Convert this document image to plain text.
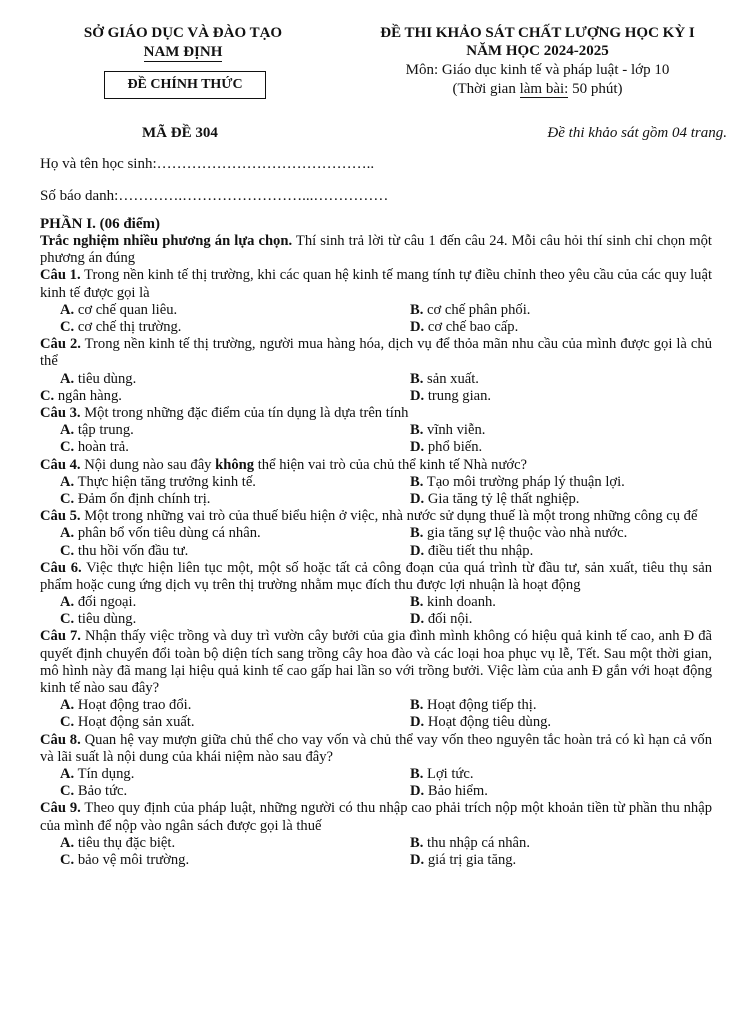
SỞ GIÁO DỤC VÀ ĐÀO TẠO
NAM ĐỊNH
ĐỀ CHÍNH THỨC
ĐỀ THI KHẢO SÁT CHẤT LƯỢNG HỌC KỲ I
NĂM HỌC 2024-2025
Môn: Giáo dục kinh tế và pháp luật - lớp 10
(Thời gian làm bài: 50 phút)
MÃ ĐỀ 304	Đề thi khảo sát gồm 04 trang.
Họ và tên học sinh:……………………………………..
Số báo danh:………….……………………...……………
PHẦN I. (06 điểm)
Trắc nghiệm nhiều phương án lựa chọn. Thí sinh trả lời từ câu 1 đến câu 24. Mỗi câu hỏi thí sinh chỉ chọn một phương án đúng
Câu 1. Trong nền kinh tế thị trường, khi các quan hệ kinh tế mang tính tự điều chỉnh theo yêu cầu của các quy luật kinh tế được gọi là
A. cơ chế quan liêu.	B. cơ chế phân phối.
C. cơ chế thị trường.	D. cơ chế bao cấp.
Câu 2. Trong nền kinh tế thị trường, người mua hàng hóa, dịch vụ để thỏa mãn nhu cầu của mình được gọi là chủ thể
A. tiêu dùng.	B. sản xuất.
C. ngân hàng.	D. trung gian.
Câu 3. Một trong những đặc điểm của tín dụng là dựa trên tính
A. tập trung.	B. vĩnh viễn.
C. hoàn trả.	D. phổ biến.
Câu 4. Nội dung nào sau đây không thể hiện vai trò của chủ thể kinh tế Nhà nước?
A. Thực hiện tăng trưởng kinh tế.	B. Tạo môi trường pháp lý thuận lợi.
C. Đảm ổn định chính trị.	D. Gia tăng tỷ lệ thất nghiệp.
Câu 5. Một trong những vai trò của thuế biểu hiện ở việc, nhà nước sử dụng thuế là một trong những công cụ để
A. phân bổ vốn tiêu dùng cá nhân.	B. gia tăng sự lệ thuộc vào nhà nước.
C. thu hồi vốn đầu tư.	D. điều tiết thu nhập.
Câu 6. Việc thực hiện liên tục một, một số hoặc tất cả công đoạn của quá trình từ đầu tư, sản xuất, tiêu thụ sản phẩm hoặc cung ứng dịch vụ trên thị trường nhằm mục đích thu được lợi nhuận là hoạt động
A. đối ngoại.	B. kinh doanh.
C. tiêu dùng.	D. đối nội.
Câu 7. Nhận thấy việc trồng và duy trì vườn cây bưởi của gia đình mình không có hiệu quả kinh tế cao, anh Đ đã quyết định chuyển đổi toàn bộ diện tích sang trồng cây hoa đào và các loại hoa phục vụ lễ, Tết. Sau một thời gian, mô hình này đã mang lại hiệu quả kinh tế cao gấp hai lần so với trồng bưởi. Việc làm của anh Đ gắn với hoạt động kinh tế nào sau đây?
A. Hoạt động trao đổi.	B. Hoạt động tiếp thị.
C. Hoạt động sản xuất.	D. Hoạt động tiêu dùng.
Câu 8. Quan hệ vay mượn giữa chủ thể cho vay vốn và chủ thể vay vốn theo nguyên tắc hoàn trả có kì hạn cả vốn và lãi suất là nội dung của khái niệm nào sau đây?
A. Tín dụng.	B. Lợi tức.
C. Bảo tức.	D. Bảo hiểm.
Câu 9. Theo quy định của pháp luật, những người có thu nhập cao phải trích nộp một khoản tiền từ phần thu nhập của mình để nộp vào ngân sách được gọi là thuế
A. tiêu thụ đặc biệt.	B. thu nhập cá nhân.
C. bảo vệ môi trường.	D. giá trị gia tăng.
